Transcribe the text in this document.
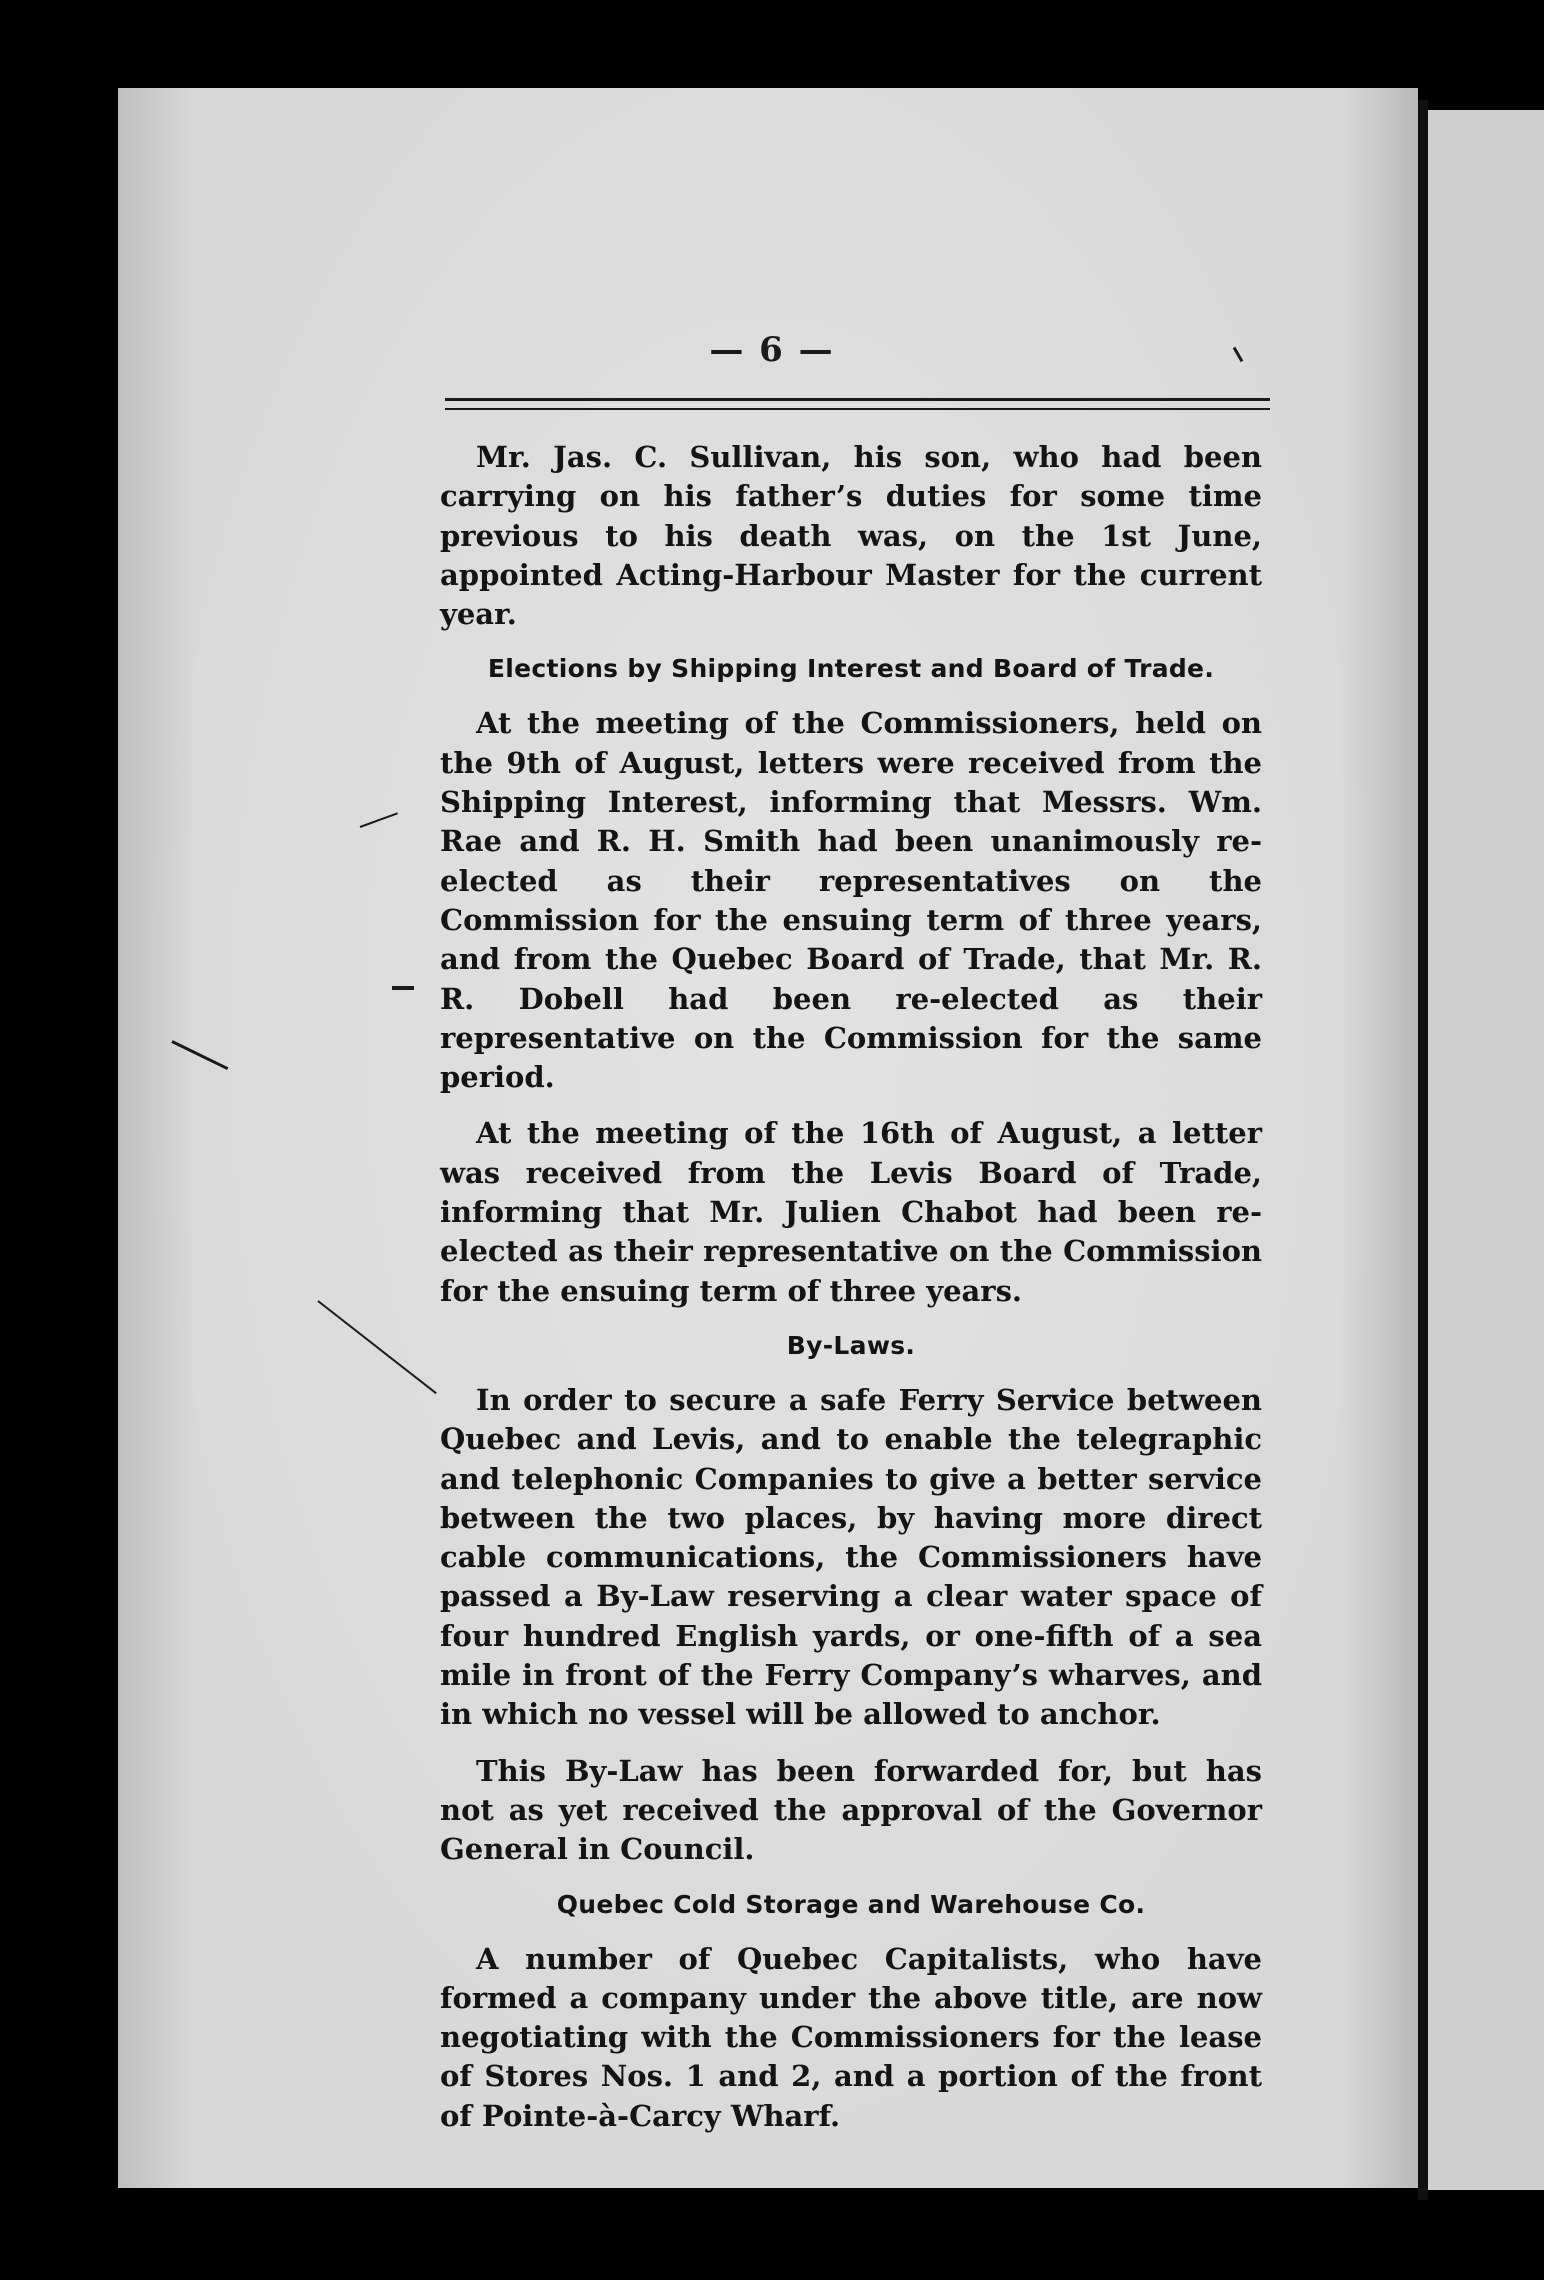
— 6 —

Mr. Jas. C. Sullivan, his son, who had been carrying on his father’s duties for some time previous to his death was, on the 1st June, appointed Acting-Harbour Master for the current year.

Elections by Shipping Interest and Board of Trade.

At the meeting of the Commissioners, held on the 9th of August, letters were received from the Shipping Interest, informing that Messrs. Wm. Rae and R. H. Smith had been unanimously re-elected as their representatives on the Commission for the ensuing term of three years, and from the Quebec Board of Trade, that Mr. R. R. Dobell had been re-elected as their representative on the Commission for the same period.

At the meeting of the 16th of August, a letter was received from the Levis Board of Trade, informing that Mr. Julien Chabot had been re-elected as their representative on the Commission for the ensuing term of three years.

By-Laws.

In order to secure a safe Ferry Service between Quebec and Levis, and to enable the telegraphic and telephonic Companies to give a better service between the two places, by having more direct cable communications, the Commissioners have passed a By-Law reserving a clear water space of four hundred English yards, or one-fifth of a sea mile in front of the Ferry Company’s wharves, and in which no vessel will be allowed to anchor.

This By-Law has been forwarded for, but has not as yet received the approval of the Governor General in Council.

Quebec Cold Storage and Warehouse Co.

A number of Quebec Capitalists, who have formed a company under the above title, are now negotiating with the Commissioners for the lease of Stores Nos. 1 and 2, and a portion of the front of Pointe-à-Carcy Wharf.
